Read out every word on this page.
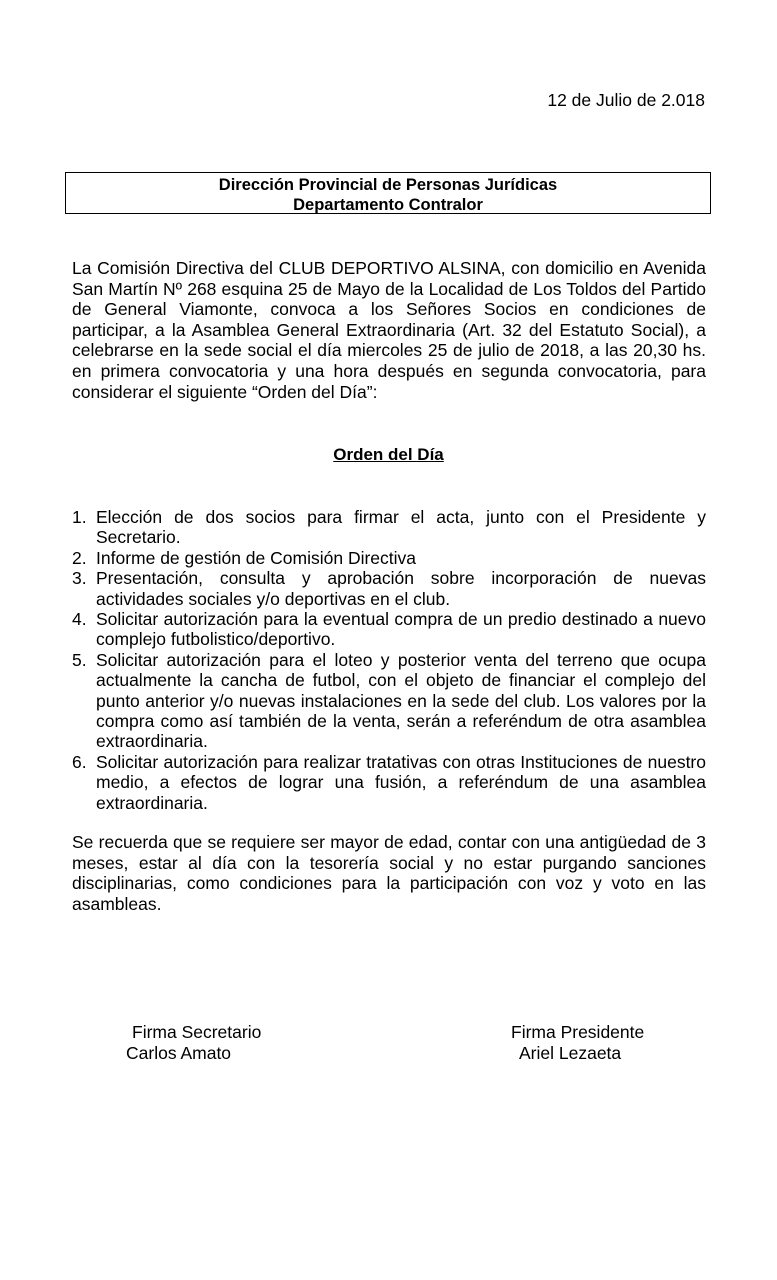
12 de Julio de 2.018
Dirección Provincial de Personas Jurídicas
Departamento Contralor
La Comisión Directiva del CLUB DEPORTIVO ALSINA, con domicilio en Avenida San Martín Nº 268 esquina 25 de Mayo de la Localidad de Los Toldos del Partido de General Viamonte, convoca a los Señores Socios en condiciones de participar, a la Asamblea General Extraordinaria (Art. 32 del Estatuto Social), a celebrarse en la sede social el día miercoles 25 de julio de 2018, a las 20,30 hs. en primera convocatoria y una hora después en segunda convocatoria, para considerar el siguiente “Orden del Día”:
Orden del Día
1. Elección de dos socios para firmar el acta, junto con el Presidente y Secretario.
2. Informe de gestión de Comisión Directiva
3. Presentación, consulta y aprobación sobre incorporación de nuevas actividades sociales y/o deportivas en el club.
4. Solicitar autorización para la eventual compra de un predio destinado a nuevo complejo futbolistico/deportivo.
5. Solicitar autorización para el loteo y posterior venta del terreno que ocupa actualmente la cancha de futbol, con el objeto de financiar el complejo del punto anterior y/o nuevas instalaciones en la sede del club. Los valores por la compra como así también de la venta, serán a referéndum de otra asamblea extraordinaria.
6. Solicitar autorización para realizar tratativas con otras Instituciones de nuestro medio, a efectos de lograr una fusión, a referéndum de una asamblea extraordinaria.
Se recuerda que se requiere ser mayor de edad, contar con una antigüedad de 3 meses, estar al día con la tesorería social y no estar purgando sanciones disciplinarias, como condiciones para la participación con voz y voto en las asambleas.
Firma Secretario
Carlos Amato
Firma Presidente
Ariel Lezaeta
